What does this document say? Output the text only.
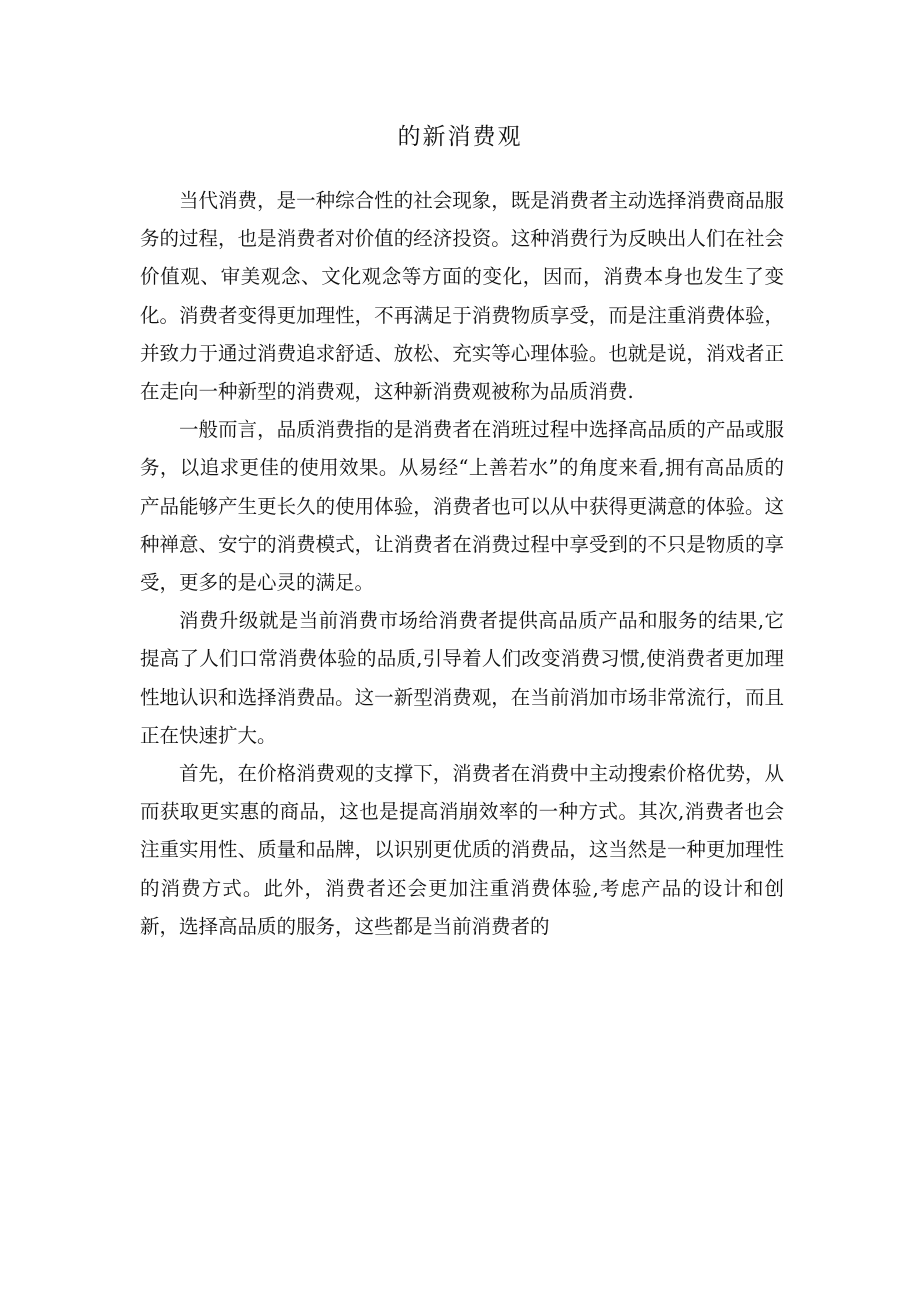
的新消费观

当代消费，是一种综合性的社会现象，既是消费者主动选择消费商品服务的过程，也是消费者对价值的经济投资。这种消费行为反映出人们在社会价值观、审美观念、文化观念等方面的变化，因而，消费本身也发生了变化。消费者变得更加理性，不再满足于消费物质享受，而是注重消费体验，并致力于通过消费追求舒适、放松、充实等心理体验。也就是说，消戏者正在走向一种新型的消费观，这种新消费观被称为品质消费.

一般而言，品质消费指的是消费者在消班过程中选择高品质的产品或服务，以追求更佳的使用效果。从易经“上善若水”的角度来看,拥有高品质的产品能够产生更长久的使用体验，消费者也可以从中获得更满意的体验。这种禅意、安宁的消费模式，让消费者在消费过程中享受到的不只是物质的享受，更多的是心灵的满足。

消费升级就是当前消费市场给消费者提供高品质产品和服务的结果,它提高了人们口常消费体验的品质,引导着人们改变消费习惯,使消费者更加理性地认识和选择消费品。这一新型消费观，在当前消加市场非常流行，而且正在快速扩大。

首先，在价格消费观的支撑下，消费者在消费中主动搜索价格优势，从而获取更实惠的商品，这也是提高消崩效率的一种方式。其次,消费者也会注重实用性、质量和品牌，以识别更优质的消费品，这当然是一种更加理性的消费方式。此外，消费者还会更加注重消费体验,考虑产品的设计和创新，选择高品质的服务，这些都是当前消费者的
